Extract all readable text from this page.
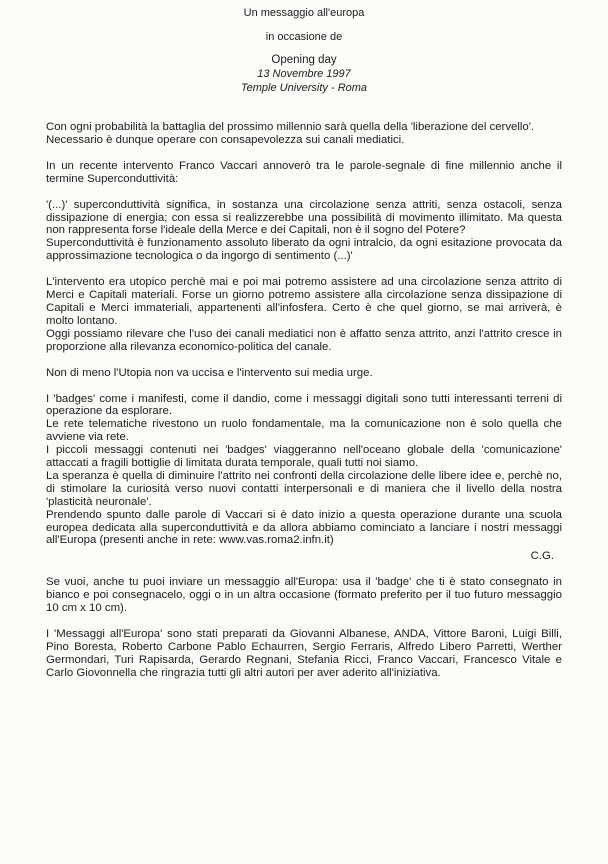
Un messaggio all'europa
in occasione de
Opening day
13 Novembre 1997
Temple University - Roma

Con ogni probabilità la battaglia del prossimo millennio sarà quella della 'liberazione del cervello'.

Necessario è dunque operare con consapevolezza sui canali mediatici.

In un recente intervento Franco Vaccari annoverò tra le parole-segnale di fine millennio anche il termine Superconduttività:

'(...)' superconduttività significa, in sostanza una circolazione senza attriti, senza ostacoli, senza dissipazione di energia; con essa si realizzerebbe una possibilità di movimento illimitato. Ma questa non rappresenta forse l'ideale della Merce e dei Capitali, non è il sogno del Potere?

Superconduttività è funzionamento assoluto liberato da ogni intralcio, da ogni esitazione provocata da approssimazione tecnologica o da ingorgo di sentimento (...)'

L'intervento era utopico perchè mai e poi mai potremo assistere ad una circolazione senza attrito di Merci e Capitali materiali. Forse un giorno potremo assistere alla circolazione senza dissipazione di Capitali e Merci immateriali, appartenenti all'infosfera. Certo è che quel giorno, se mai arriverà, è molto lontano.

Oggi possiamo rilevare che l'uso dei canali mediatici non è affatto senza attrito, anzi l'attrito cresce in proporzione alla rilevanza economico-politica del canale.

Non di meno l'Utopia non va uccisa e l'intervento sui media urge.

I 'badges' come i manifesti, come il dandio, come i messaggi digitali sono tutti interessanti terreni di operazione da esplorare.

Le rete telematiche rivestono un ruolo fondamentale, ma la comunicazione non è solo quella che avviene via rete.

I piccoli messaggi contenuti nei 'badges' viaggeranno nell'oceano globale della 'comunicazione' attaccati a fragili bottiglie di limitata durata temporale, quali tutti noi siamo.

La speranza è quella di diminuire l'attrito nei confronti della circolazione delle libere idee e, perchè no, di stimolare la curiosità verso nuovi contatti interpersonali e di maniera che il livello della nostra 'plasticità neuronale'.

Prendendo spunto dalle parole di Vaccari si è dato inizio a questa operazione durante una scuola europea dedicata alla superconduttività e da allora abbiamo cominciato a lanciare i nostri messaggi all'Europa (presenti anche in rete: www.vas.roma2.infn.it)

C.G.

Se vuoi, anche tu puoi inviare un messaggio all'Europa: usa il 'badge' che ti è stato consegnato in bianco e poi consegnacelo, oggi o in un altra occasione (formato preferito per il tuo futuro messaggio 10 cm x 10 cm).

I 'Messaggi all'Europa' sono stati preparati da Giovanni Albanese, ANDA, Vittore Baroni, Luigi Billi, Pino Boresta, Roberto Carbone Pablo Echaurren, Sergio Ferraris, Alfredo Libero Parretti, Werther Germondari, Turi Rapisarda, Gerardo Regnani, Stefania Ricci, Franco Vaccari, Francesco Vitale e Carlo Giovonnella che ringrazia tutti gli altri autori per aver aderito all'iniziativa.
